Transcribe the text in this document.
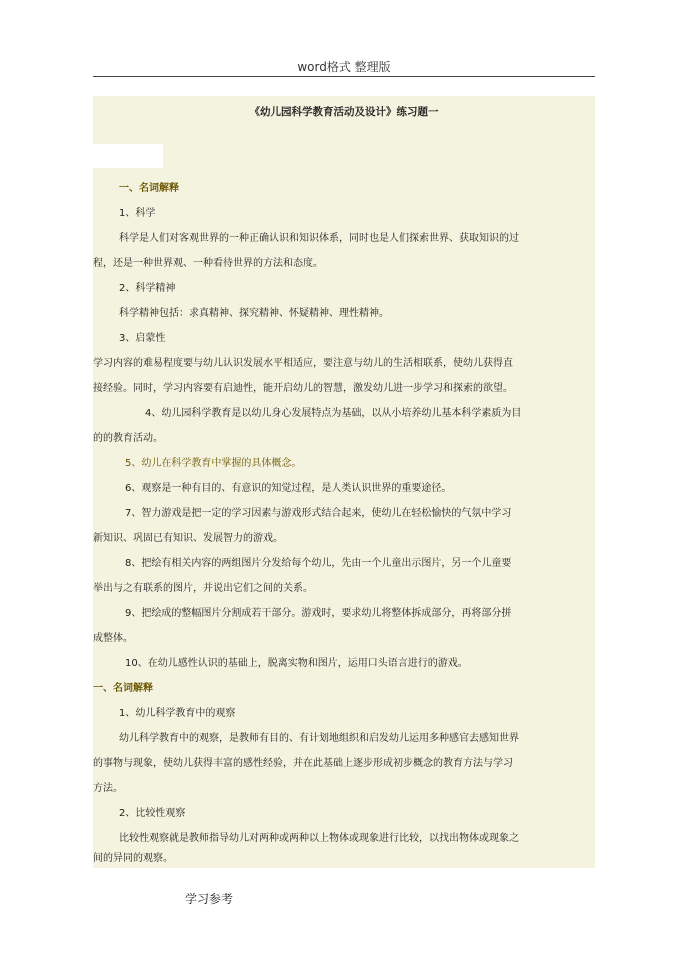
word格式 整理版
《幼儿园科学教育活动及设计》练习题一
一、名词解释
1、科学
科学是人们对客观世界的一种正确认识和知识体系，同时也是人们探索世界、获取知识的过
程，还是一种世界观、一种看待世界的方法和态度。
2、科学精神
科学精神包括：求真精神、探究精神、怀疑精神、理性精神。
3、启蒙性
学习内容的难易程度要与幼儿认识发展水平相适应，要注意与幼儿的生活相联系，使幼儿获得直
接经验。同时，学习内容要有启迪性，能开启幼儿的智慧，激发幼儿进一步学习和探索的欲望。
4、幼儿园科学教育是以幼儿身心发展特点为基础，以从小培养幼儿基本科学素质为目
的的教育活动。
5、幼儿在科学教育中掌握的具体概念。
6、观察是一种有目的、有意识的知觉过程，是人类认识世界的重要途径。
7、智力游戏是把一定的学习因素与游戏形式结合起来，使幼儿在轻松愉快的气氛中学习
新知识、巩固已有知识、发展智力的游戏。
8、把绘有相关内容的两组图片分发给每个幼儿，先由一个儿童出示图片，另一个儿童要
举出与之有联系的图片，并说出它们之间的关系。
9、把绘成的整幅图片分割成若干部分。游戏时，要求幼儿将整体拆成部分，再将部分拼
成整体。
10、在幼儿感性认识的基础上，脱离实物和图片，运用口头语言进行的游戏。
一、名词解释
1、幼儿科学教育中的观察
幼儿科学教育中的观察，是教师有目的、有计划地组织和启发幼儿运用多种感官去感知世界
的事物与现象，使幼儿获得丰富的感性经验，并在此基础上逐步形成初步概念的教育方法与学习
方法。
2、比较性观察
比较性观察就是教师指导幼儿对两种或两种以上物体或现象进行比较，以找出物体或现象之
间的异同的观察。
学习参考
